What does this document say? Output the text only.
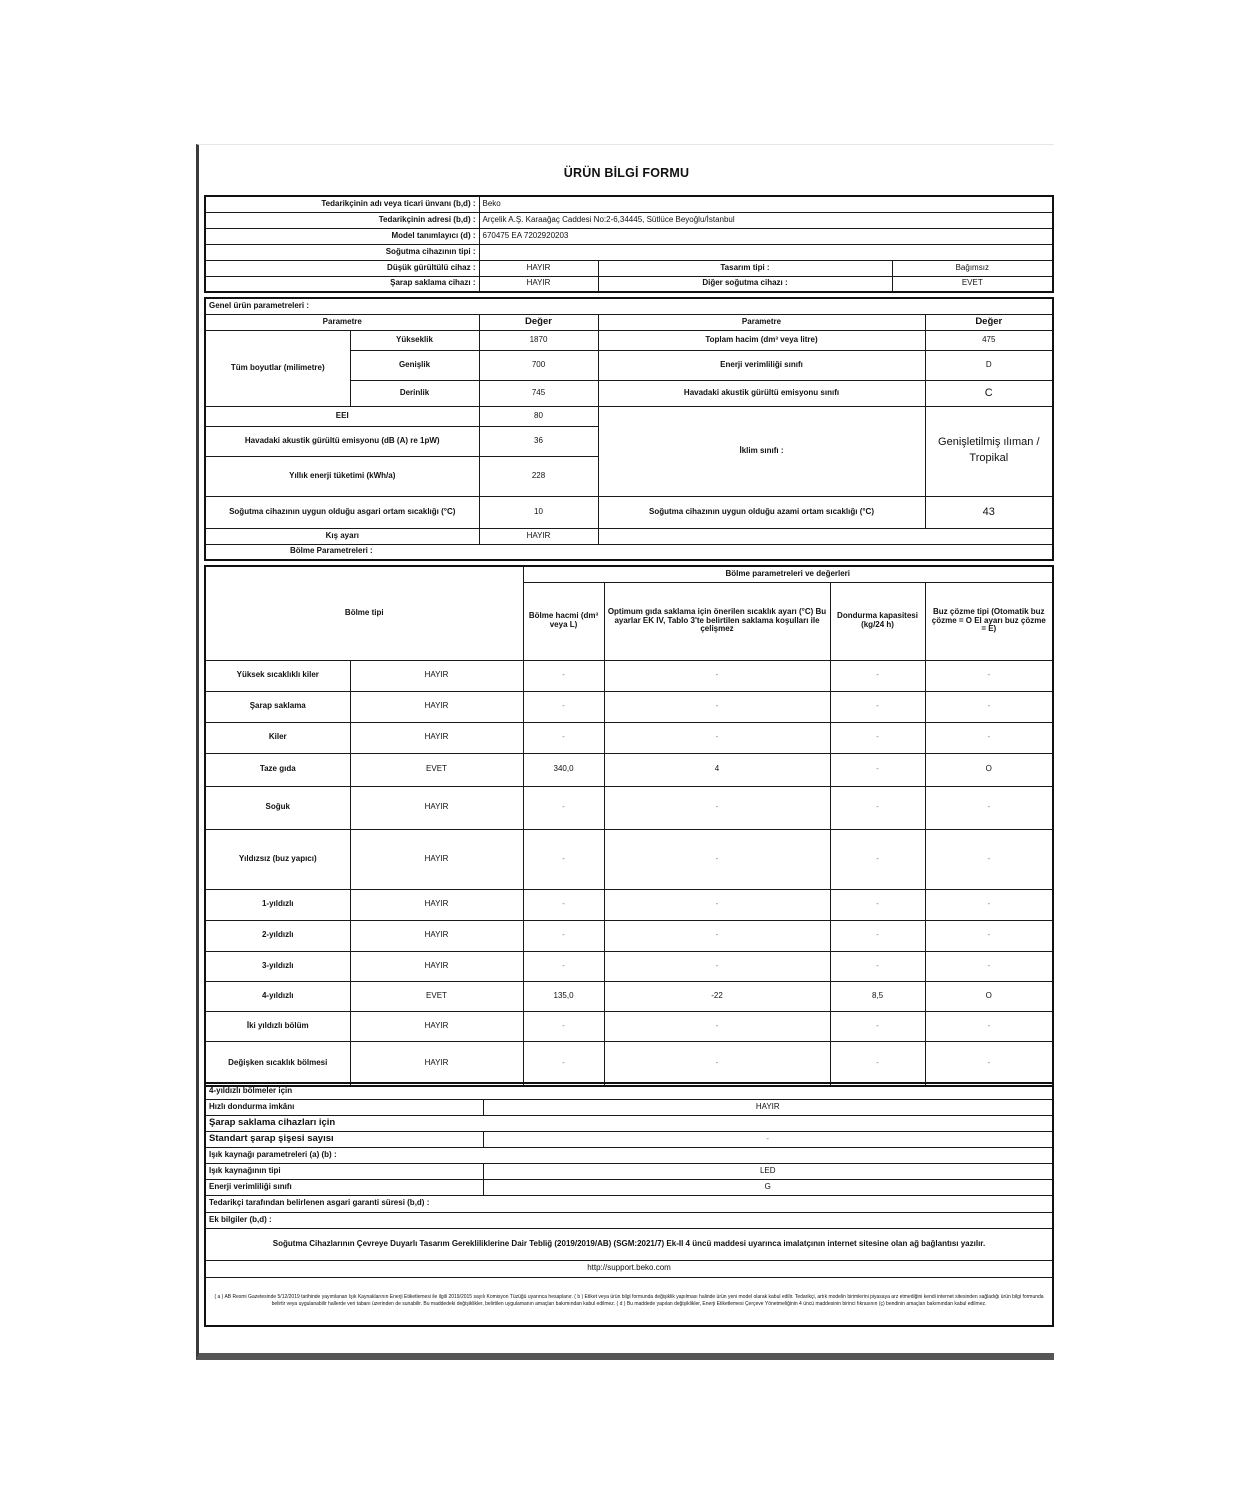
ÜRÜN BİLGİ FORMU
Tedarikçinin adı veya ticari ünvanı (b,d) :	Beko		
Tedarikçinin adresi (b,d) :	Arçelik A.Ş. Karaağaç Caddesi No:2-6,34445, Sütlüce Beyoğlu/İstanbul		
Model tanımlayıcı (d) :	670475 EA 7202920203		
Soğutma cihazının tipi :			
Düşük gürültülü cihaz :	HAYIR	Tasarım tipi :	Bağımsız
Şarap saklama cihazı :	HAYIR	Diğer soğutma cihazı :	EVET
Genel ürün parametreleri :				
Parametre		Değer	Parametre	Değer
Tüm boyutlar (milimetre)	Yükseklik	1870	Toplam hacim (dm³ veya litre)	475
	Genişlik	700	Enerji verimliliği sınıfı	D
	Derinlik	745	Havadaki akustik gürültü emisyonu sınıfı	C
EEI		80	İklim sınıfı :	Genişletilmiş ılıman / Tropikal
Havadaki akustik gürültü emisyonu (dB (A) re 1pW)		36		
Yıllık enerji tüketimi (kWh/a)		228		
Soğutma cihazının uygun olduğu asgari ortam sıcaklığı (°C)		10	Soğutma cihazının uygun olduğu azami ortam sıcaklığı (°C)	43
Kış ayarı		HAYIR		
Bölme Parametreleri :				
Bölme tipi		Bölme parametreleri ve değerleri			
		Bölme hacmi (dm³ veya L)	Optimum gıda saklama için önerilen sıcaklık ayarı (°C) Bu ayarlar EK IV, Tablo 3'te belirtilen saklama koşulları ile çelişmez	Dondurma kapasitesi (kg/24 h)	Buz çözme tipi (Otomatik buz çözme = O El ayarı buz çözme = E)
Yüksek sıcaklıklı kiler	HAYIR	-	-	-	-
Şarap saklama	HAYIR	-	-	-	-
Kiler	HAYIR	-	-	-	-
Taze gıda	EVET	340,0	4	-	O
Soğuk	HAYIR	-	-	-	-
Yıldızsız (buz yapıcı)	HAYIR	-	-	-	-
1-yıldızlı	HAYIR	-	-	-	-
2-yıldızlı	HAYIR	-	-	-	-
3-yıldızlı	HAYIR	-	-	-	-
4-yıldızlı	EVET	135,0	-22	8,5	O
İki yıldızlı bölüm	HAYIR	-	-	-	-
Değişken sıcaklık bölmesi	HAYIR	-	-	-	-
4-yıldızlı bölmeler için	
Hızlı dondurma imkânı	HAYIR
Şarap saklama cihazları için	
Standart şarap şişesi sayısı	-
Işık kaynağı parametreleri (a) (b) :	
Işık kaynağının tipi	LED
Enerji verimliliği sınıfı	G
Tedarikçi tarafından belirlenen asgari garanti süresi (b,d) :	
Ek bilgiler (b,d) :	
Soğutma Cihazlarının Çevreye Duyarlı Tasarım Gerekliliklerine Dair Tebliğ (2019/2019/AB) (SGM:2021/7) Ek-II 4 üncü maddesi uyarınca imalatçının internet sitesine olan ağ bağlantısı yazılır.	
http://support.beko.com	
( a ) AB Resmi Gazetesinde 5/12/2019 tarihinde yayımlanan Işık Kaynaklarının Enerji Etiketlemesi ile ilgili 2019/2015 sayılı Komisyon Tüzüğü uyarınca hesaplanır. ( b ) Etiket veya ürün bilgi formunda değişiklik yapılması halinde ürün yeni model olarak kabul edilir. Tedarikçi, artık modelin birimlerini piyasaya arz etmediğini kendi internet sitesinden sağladığı ürün bilgi formunda belirtir veya uygulanabilir hallerde veri tabanı üzerinden de sunabilir. Bu maddedeki değişiklikler, belirtilen uygulamanın amaçları bakımından kabul edilmez. ( d ) Bu maddede yapılan değişiklikler, Enerji Etiketlemesi Çerçeve Yönetmeliğinin 4 üncü maddesinin birinci fıkrasının (ç) bendinin amaçları bakımından kabul edilmez.	
